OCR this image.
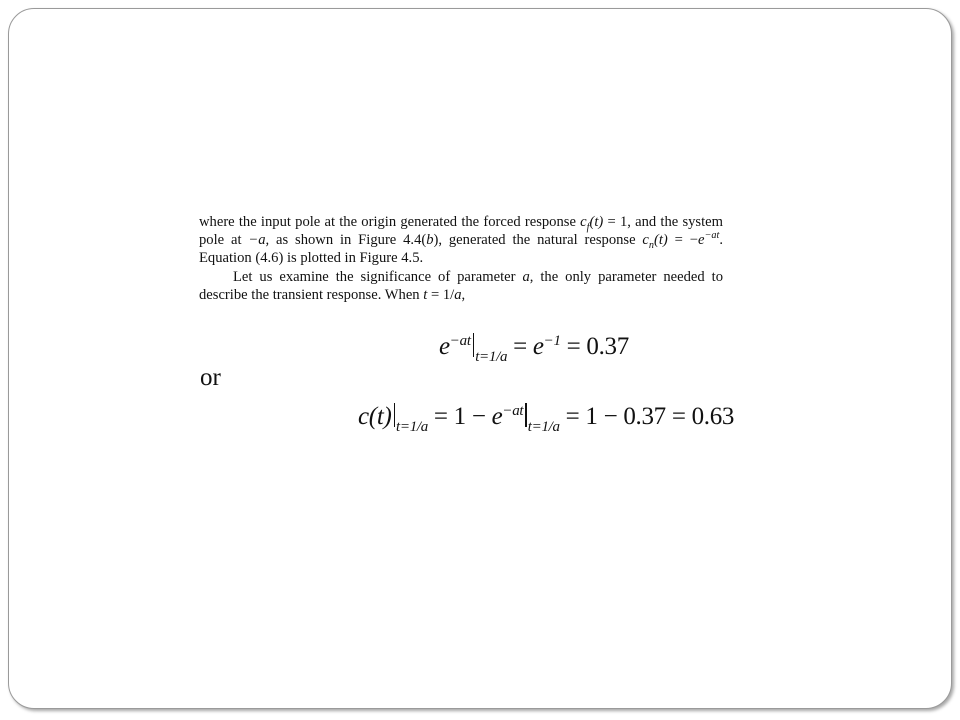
where the input pole at the origin generated the forced response $c_f(t) = 1$, and the system pole at −a, as shown in Figure 4.4(b), generated the natural response $c_n(t) = -e^{-at}$. Equation (4.6) is plotted in Figure 4.5.

Let us examine the significance of parameter a, the only parameter needed to describe the transient response. When t = 1/a,

$e^{-at}_{t=1/a} = e^{-1} = 0.37$
or
c(t) $_{t=1/a} = 1 - e^{-at}_{t=1/a} = 1 - 0.37 = 0.63$
